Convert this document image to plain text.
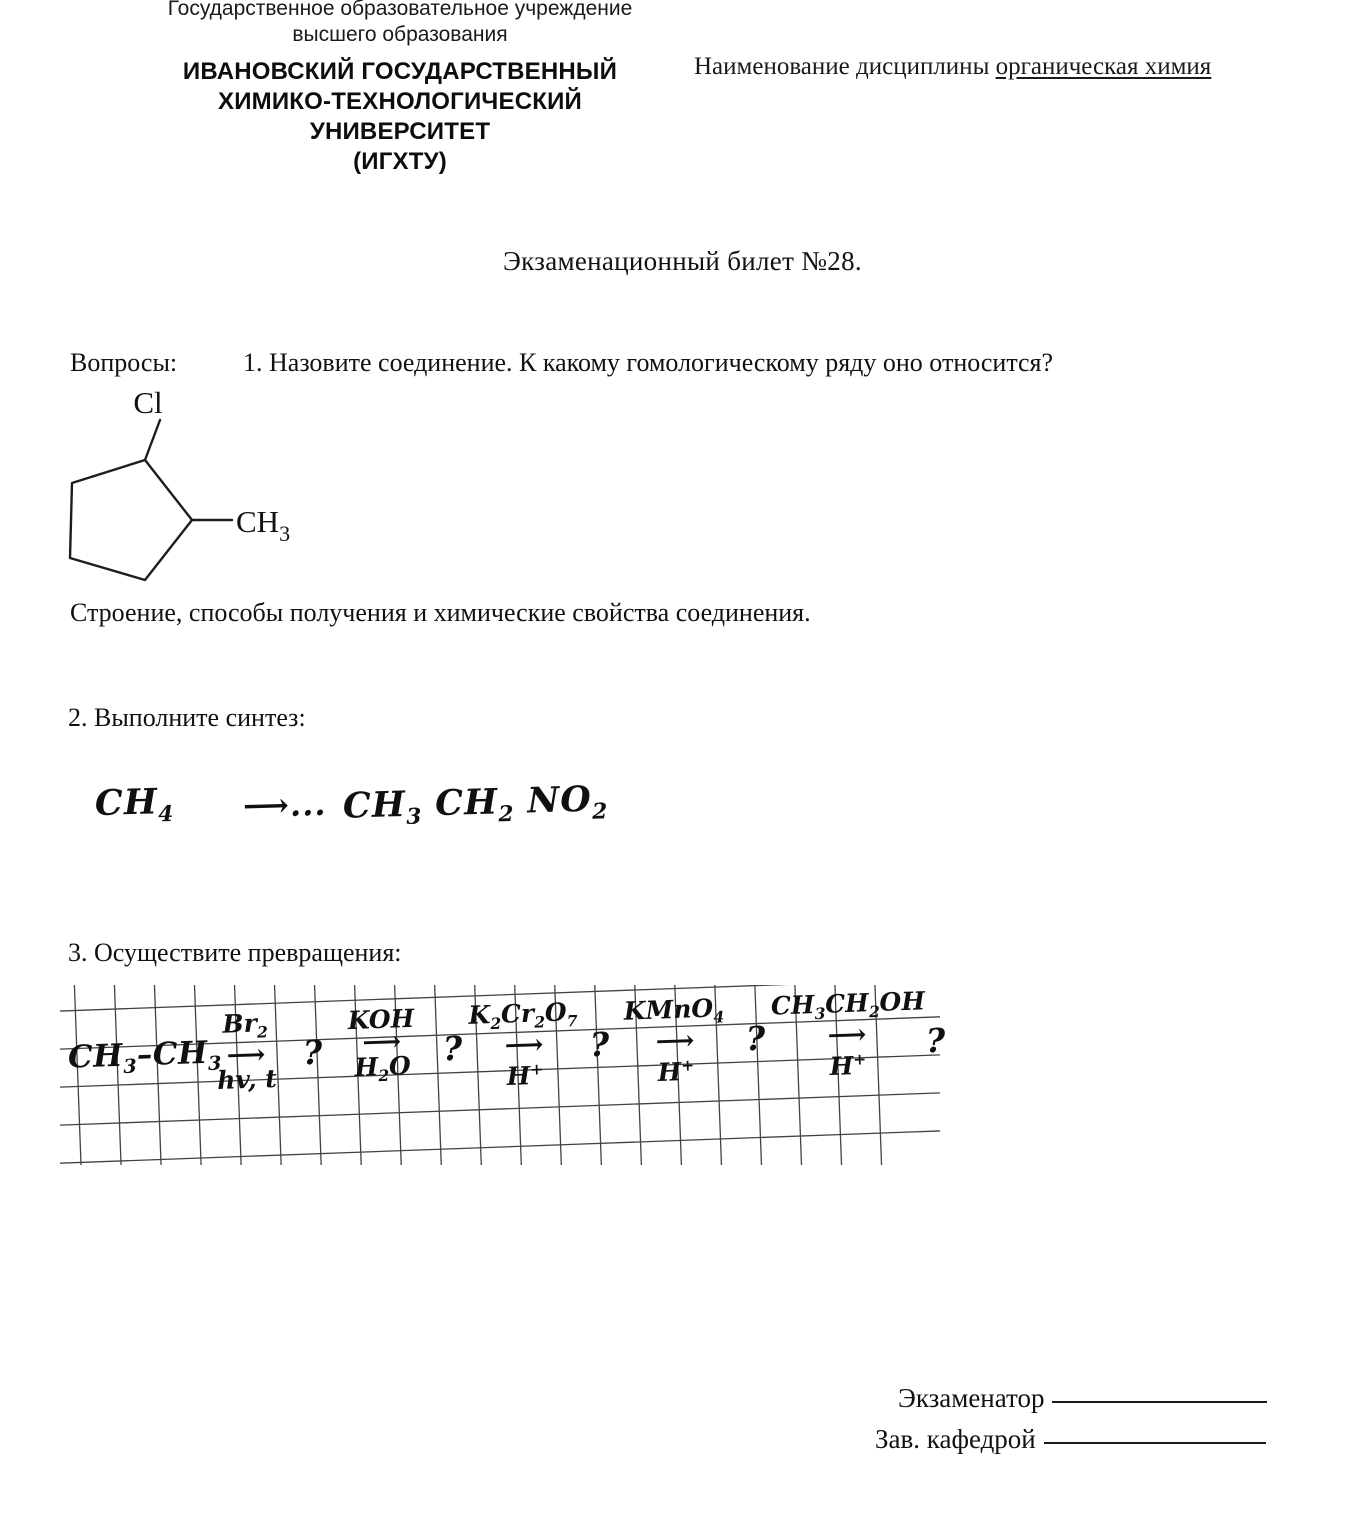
Государственное образовательное учреждение
высшего образования
ИВАНОВСКИЙ ГОСУДАРСТВЕННЫЙ
ХИМИКО-ТЕХНОЛОГИЧЕСКИЙ
УНИВЕРСИТЕТ
(ИГХТУ)
Наименование дисциплины органическая химия
Экзаменационный билет №28.
Вопросы:	1. Назовите соединение. К какому гомологическому ряду оно относится?
Cl
$CH_3$
Строение, способы получения и химические свойства соединения.
2. Выполните синтез:
$CH_4$ ⟶... $CH_3$ $CH_2$ $NO_2$
3. Осуществите превращения:
$CH_3-CH_3$
$Br_2$
⟶
hv, t
?
KOH
⟶
$H_2O$ ?
$K_2Cr_2O_7$
⟶
H+
?
KMnO$_4$
⟶
H+
?
$CH_3CH_2OH$
⟶
H+	?
Экзаменатор
Зав. кафедрой
